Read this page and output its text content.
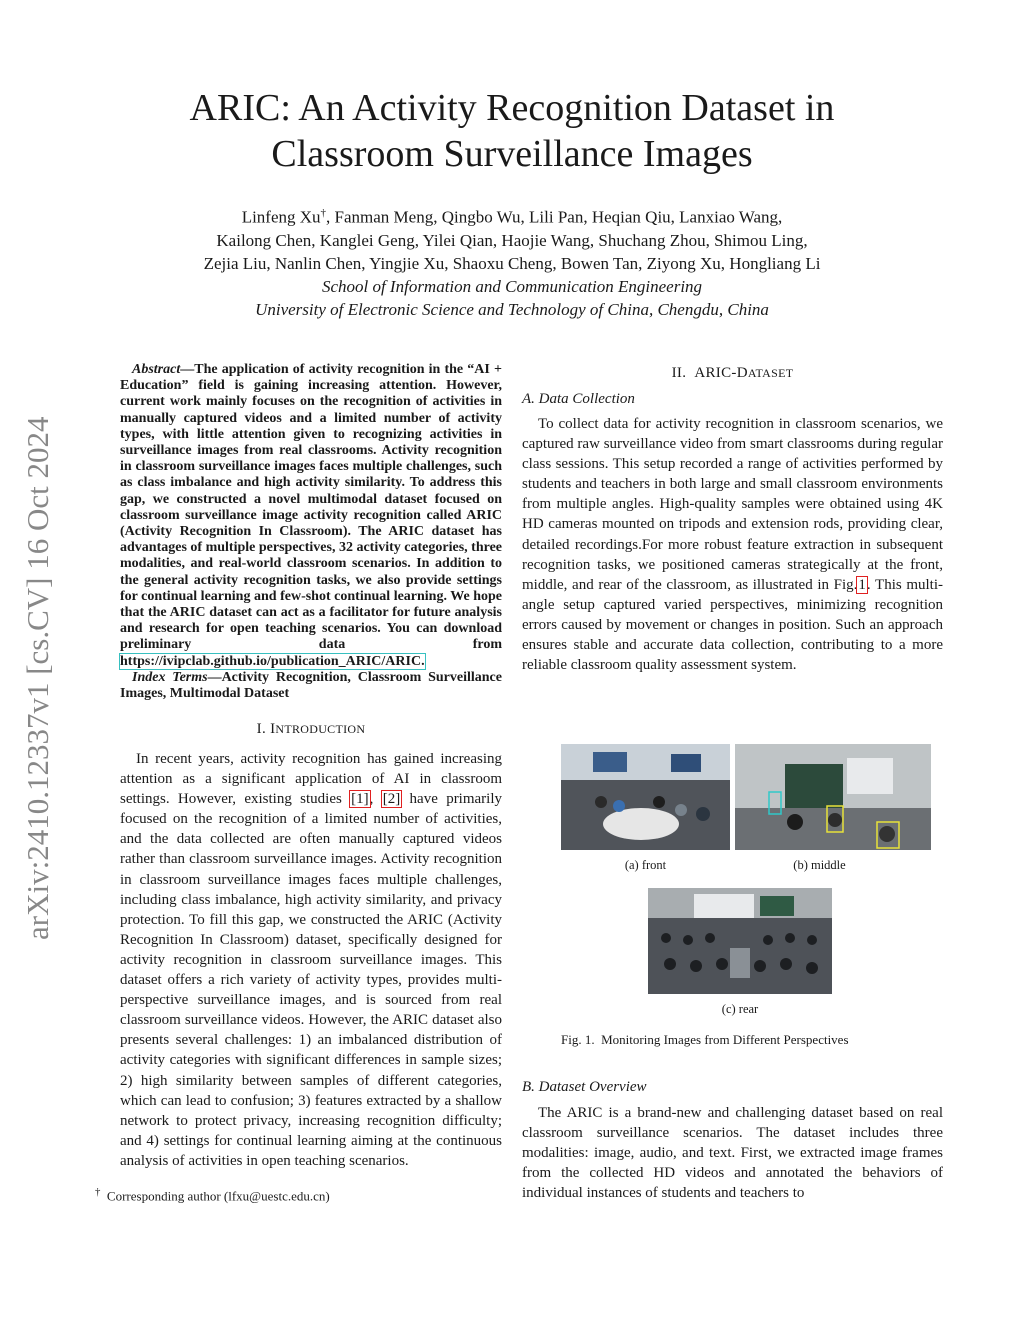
ARIC: An Activity Recognition Dataset in
Classroom Surveillance Images
Linfeng Xu†, Fanman Meng, Qingbo Wu, Lili Pan, Heqian Qiu, Lanxiao Wang,
Kailong Chen, Kanglei Geng, Yilei Qian, Haojie Wang, Shuchang Zhou, Shimou Ling,
Zejia Liu, Nanlin Chen, Yingjie Xu, Shaoxu Cheng, Bowen Tan, Ziyong Xu, Hongliang Li
School of Information and Communication Engineering
University of Electronic Science and Technology of China, Chengdu, China
arXiv:2410.12337v1 [cs.CV] 16 Oct 2024
Abstract—The application of activity recognition in the “AI + Education” field is gaining increasing attention. However, current work mainly focuses on the recognition of activities in manually captured videos and a limited number of activity types, with little attention given to recognizing activities in surveillance images from real classrooms. Activity recognition in classroom surveillance images faces multiple challenges, such as class imbalance and high activity similarity. To address this gap, we constructed a novel multimodal dataset focused on classroom surveillance image activity recognition called ARIC (Activity Recognition In Classroom). The ARIC dataset has advantages of multiple perspectives, 32 activity categories, three modalities, and real-world classroom scenarios. In addition to the general activity recognition tasks, we also provide settings for continual learning and few-shot continual learning. We hope that the ARIC dataset can act as a facilitator for future analysis and research for open teaching scenarios. You can download preliminary data from https://ivipclab.github.io/publication_ARIC/ARIC.
Index Terms—Activity Recognition, Classroom Surveillance Images, Multimodal Dataset
I. INTRODUCTION
In recent years, activity recognition has gained increasing attention as a significant application of AI in classroom settings. However, existing studies [1], [2] have primarily focused on the recognition of a limited number of activities, and the data collected are often manually captured videos rather than classroom surveillance images. Activity recognition in classroom surveillance images faces multiple challenges, including class imbalance, high activity similarity, and privacy protection. To fill this gap, we constructed the ARIC (Activity Recognition In Classroom) dataset, specifically designed for activity recognition in classroom surveillance images. This dataset offers a rich variety of activity types, provides multi-perspective surveillance images, and is sourced from real classroom surveillance videos. However, the ARIC dataset also presents several challenges: 1) an imbalanced distribution of activity categories with significant differences in sample sizes; 2) high similarity between samples of different categories, which can lead to confusion; 3) features extracted by a shallow network to protect privacy, increasing recognition difficulty; and 4) settings for continual learning aiming at the continuous analysis of activities in open teaching scenarios.
† Corresponding author (lfxu@uestc.edu.cn)
II. ARIC-DATASET
A. Data Collection
To collect data for activity recognition in classroom scenarios, we captured raw surveillance video from smart classrooms during regular class sessions. This setup recorded a range of activities performed by students and teachers in both large and small classroom environments from multiple angles. High-quality samples were obtained using 4K HD cameras mounted on tripods and extension rods, providing clear, detailed recordings.For more robust feature extraction in subsequent recognition tasks, we positioned cameras strategically at the front, middle, and rear of the classroom, as illustrated in Fig.1. This multi-angle setup captured varied perspectives, minimizing recognition errors caused by movement or changes in position. Such an approach ensures stable and accurate data collection, contributing to a more reliable classroom quality assessment system.
(a) front	(b) middle
(c) rear
Fig. 1. Monitoring Images from Different Perspectives
B. Dataset Overview
The ARIC is a brand-new and challenging dataset based on real classroom surveillance scenarios. The dataset includes three modalities: image, audio, and text. First, we extracted image frames from the collected HD videos and annotated the behaviors of individual instances of students and teachers to
